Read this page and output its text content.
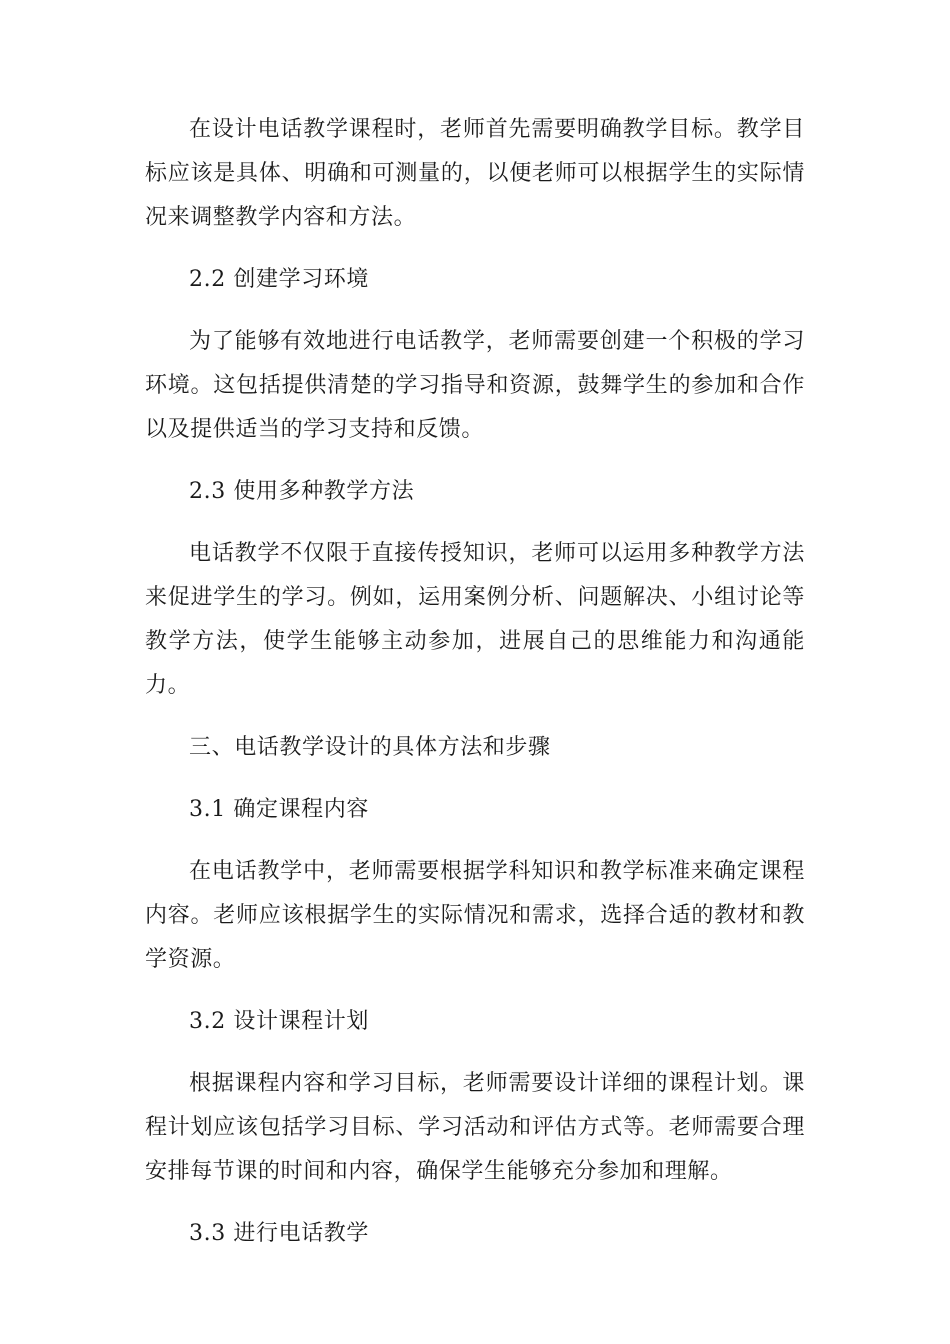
在设计电话教学课程时，老师首先需要明确教学目标。教学目标应该是具体、明确和可测量的，以便老师可以根据学生的实际情况来调整教学内容和方法。

2.2 创建学习环境

为了能够有效地进行电话教学，老师需要创建一个积极的学习环境。这包括提供清楚的学习指导和资源，鼓舞学生的参加和合作以及提供适当的学习支持和反馈。

2.3 使用多种教学方法

电话教学不仅限于直接传授知识，老师可以运用多种教学方法来促进学生的学习。例如，运用案例分析、问题解决、小组讨论等教学方法，使学生能够主动参加，进展自己的思维能力和沟通能力。

三、电话教学设计的具体方法和步骤

3.1 确定课程内容

在电话教学中，老师需要根据学科知识和教学标准来确定课程内容。老师应该根据学生的实际情况和需求，选择合适的教材和教学资源。

3.2 设计课程计划

根据课程内容和学习目标，老师需要设计详细的课程计划。课程计划应该包括学习目标、学习活动和评估方式等。老师需要合理安排每节课的时间和内容，确保学生能够充分参加和理解。

3.3 进行电话教学
